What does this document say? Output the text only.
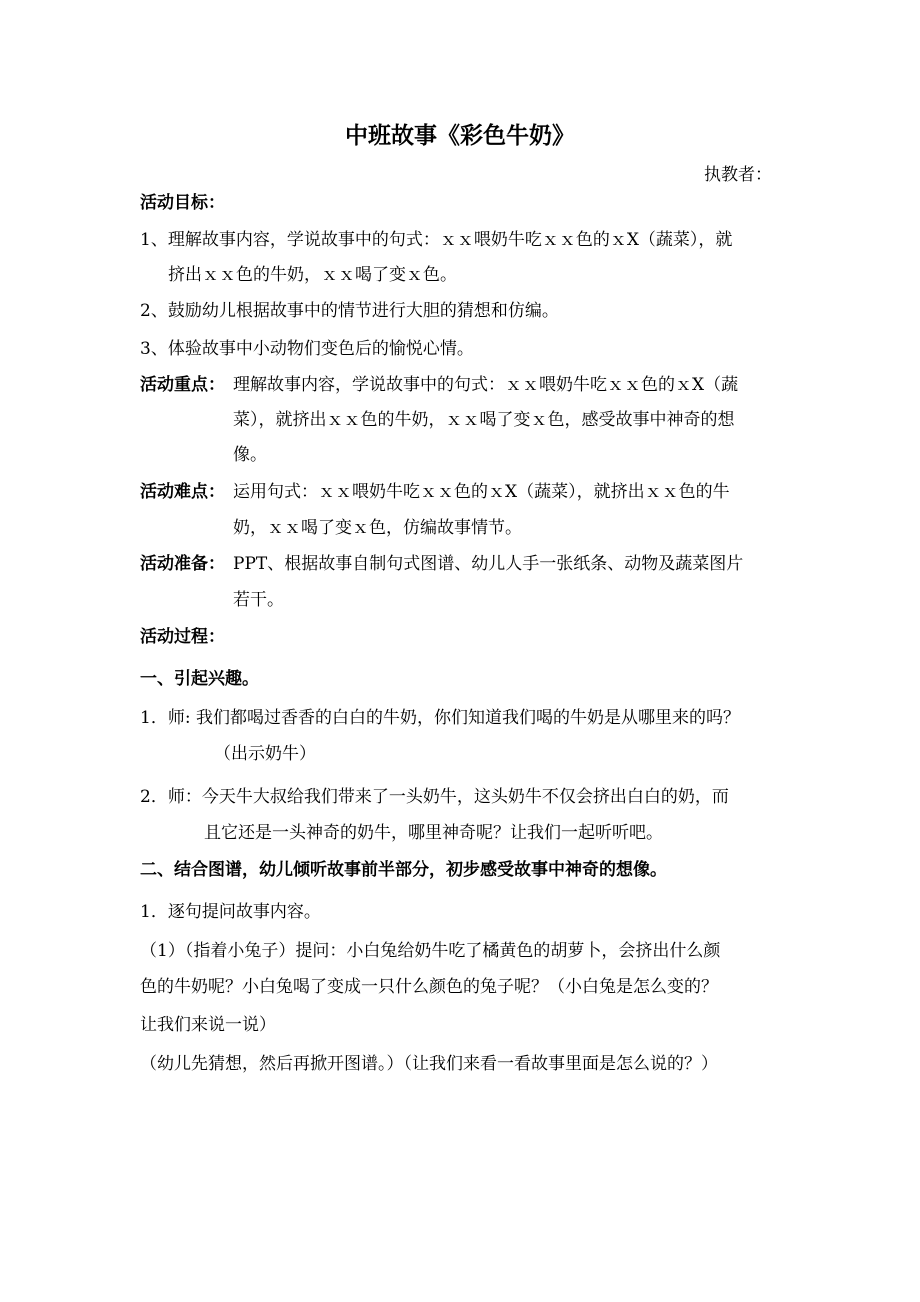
中班故事《彩色牛奶》
执教者：
活动目标：
1、理解故事内容，学说故事中的句式：ｘｘ喂奶牛吃ｘｘ色的ｘХ（蔬菜），就
挤出ｘｘ色的牛奶，ｘｘ喝了变ｘ色。
2、鼓励幼儿根据故事中的情节进行大胆的猜想和仿编。
3、体验故事中小动物们变色后的愉悦心情。
活动重点： 理解故事内容，学说故事中的句式：ｘｘ喂奶牛吃ｘｘ色的ｘХ（蔬
菜），就挤出ｘｘ色的牛奶，ｘｘ喝了变ｘ色，感受故事中神奇的想
像。
活动难点： 运用句式：ｘｘ喂奶牛吃ｘｘ色的ｘХ（蔬菜），就挤出ｘｘ色的牛
奶，ｘｘ喝了变ｘ色，仿编故事情节。
活动准备： PPT、根据故事自制句式图谱、幼儿人手一张纸条、动物及蔬菜图片
若干。
活动过程：
一、引起兴趣。
1．师: 我们都喝过香香的白白的牛奶，你们知道我们喝的牛奶是从哪里来的吗？
（出示奶牛）
2．师：今天牛大叔给我们带来了一头奶牛，这头奶牛不仅会挤出白白的奶，而
且它还是一头神奇的奶牛，哪里神奇呢？让我们一起听听吧。
二、结合图谱，幼儿倾听故事前半部分，初步感受故事中神奇的想像。
1．逐句提问故事内容。
（1）（指着小兔子）提问：小白兔给奶牛吃了橘黄色的胡萝卜，会挤出什么颜
色的牛奶呢？小白兔喝了变成一只什么颜色的兔子呢？（小白兔是怎么变的？
让我们来说一说）
（幼儿先猜想，然后再掀开图谱。）（让我们来看一看故事里面是怎么说的？）
